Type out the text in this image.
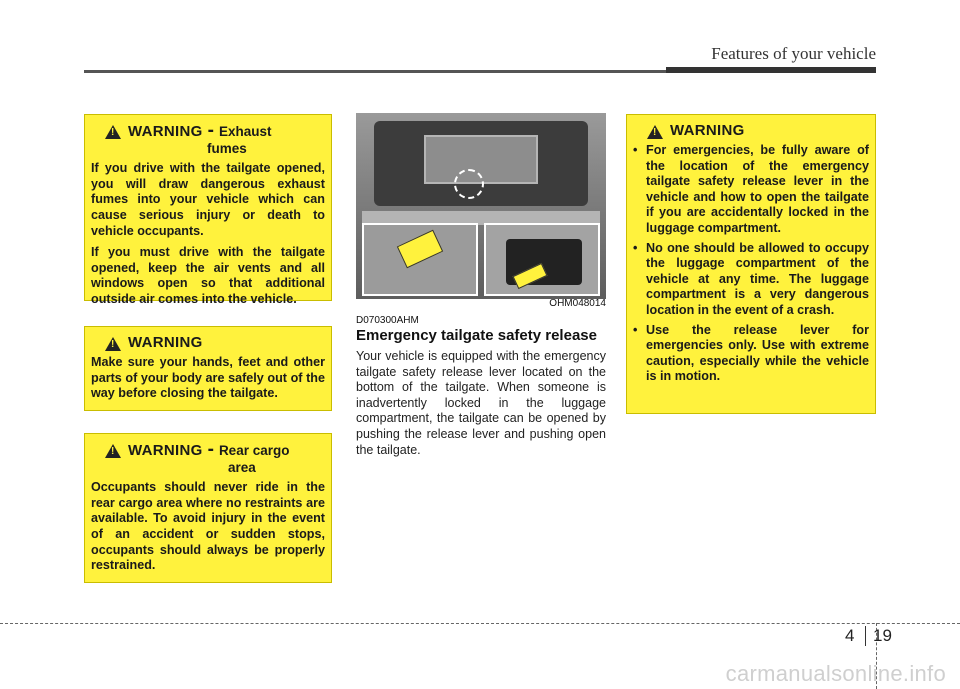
Features of your vehicle
!
WARNING - Exhaust
fumes

If you drive with the tailgate opened, you will draw dangerous exhaust fumes into your vehicle which can cause serious injury or death to vehicle occupants.

If you must drive with the tailgate opened, keep the air vents and all windows open so that additional outside air comes into the vehicle.

!
WARNING

Make sure your hands, feet and other parts of your body are safely out of the way before closing the tailgate.

!
WARNING - Rear cargo
area

Occupants should never ride in the rear cargo area where no restraints are available. To avoid injury in the event of an accident or sudden stops, occupants should always be properly restrained.

OHM048014
D070300AHM
Emergency tailgate safety release
Your vehicle is equipped with the emergency tailgate safety release lever located on the bottom of the tailgate. When someone is inadvertently locked in the luggage compartment, the tailgate can be opened by pushing the release lever and pushing open the tailgate.
!
WARNING
• For emergencies, be fully aware of the location of the emergency tailgate safety release lever in the vehicle and how to open the tailgate if you are accidentally locked in the luggage compartment.
• No one should be allowed to occupy the luggage compartment of the vehicle at any time. The luggage compartment is a very dangerous location in the event of a crash.
• Use the release lever for emergencies only. Use with extreme caution, especially while the vehicle is in motion.
4 19
carmanualsonline.info
